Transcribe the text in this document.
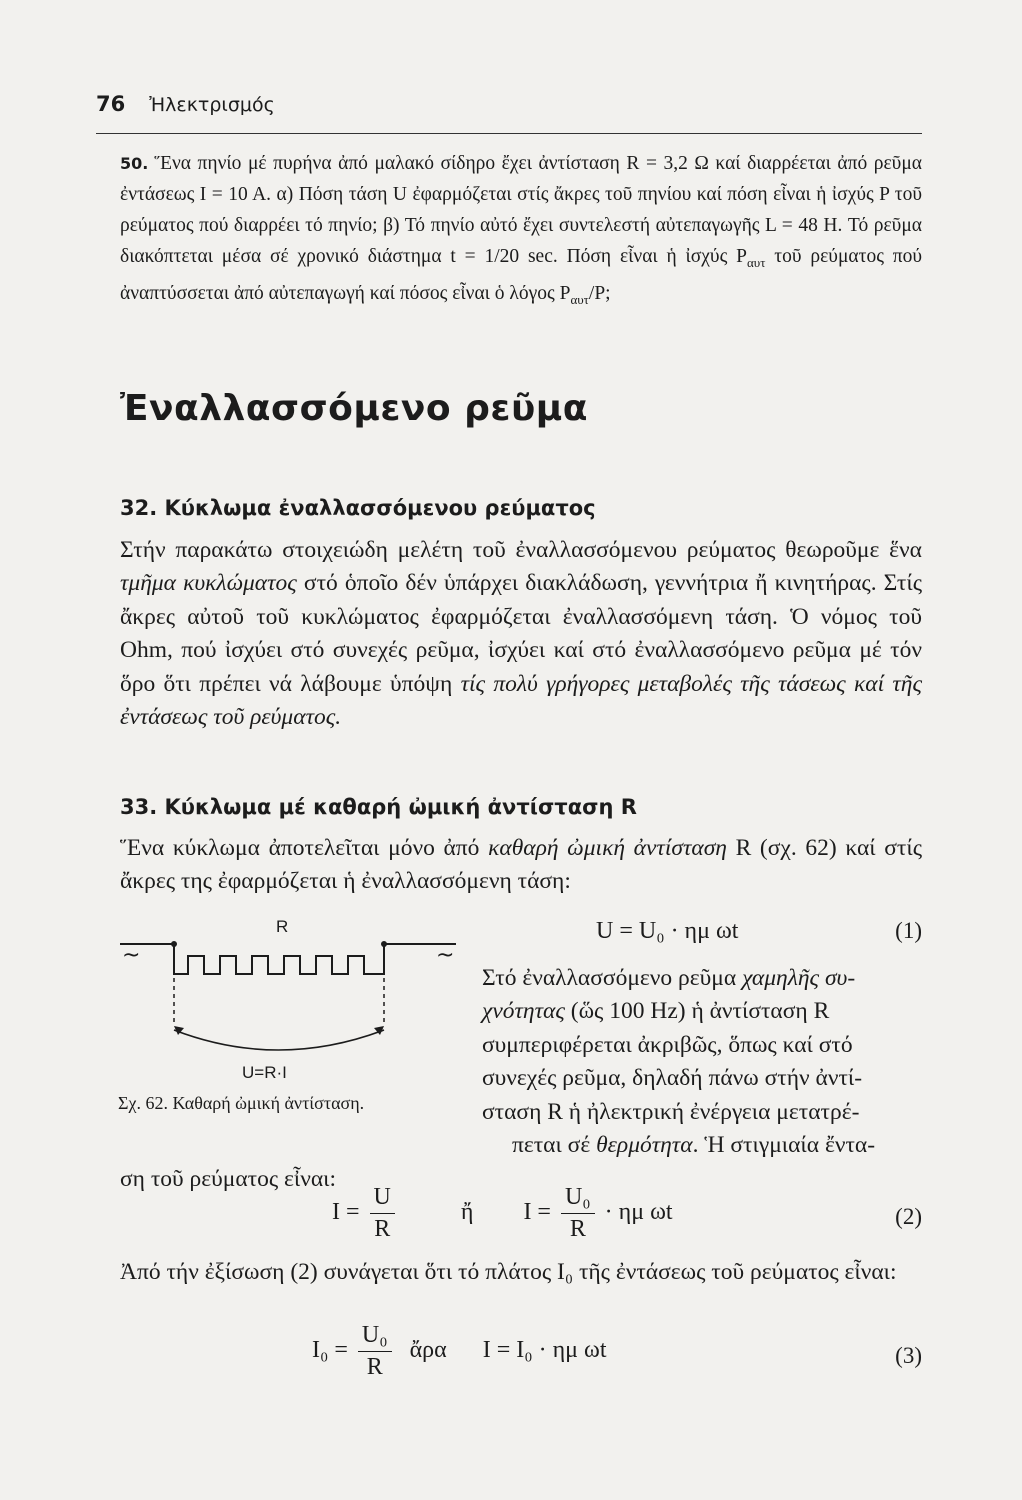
76 Ἠλεκτρισμός
50. Ἕνα πηνίο μέ πυρήνα ἀπό μαλακό σίδηρο ἔχει ἀντίσταση R = 3,2 Ω καί διαρρέεται ἀπό ρεῦμα ἐντάσεως I = 10 A. α) Πόση τάση U ἐφαρμόζεται στίς ἄκρες τοῦ πηνίου καί πόση εἶναι ἡ ἰσχύς P τοῦ ρεύματος πού διαρρέει τό πηνίο; β) Τό πηνίο αὐτό ἔχει συντελεστή αὐτεπαγωγῆς L = 48 H. Τό ρεῦμα διακόπτεται μέσα σέ χρονικό διάστημα t = 1/20 sec. Πόση εἶναι ἡ ἰσχύς $P_{\alpha\upsilon\tau}$ τοῦ ρεύματος πού ἀναπτύσσεται ἀπό αὐτεπαγωγή καί πόσος εἶναι ὁ λόγος $P_{\alpha\upsilon\tau}/P$;
Ἐναλλασσόμενο ρεῦμα
32. Κύκλωμα ἐναλλασσόμενου ρεύματος
Στήν παρακάτω στοιχειώδη μελέτη τοῦ ἐναλλασσόμενου ρεύματος θεωροῦμε ἕνα τμῆμα κυκλώματος στό ὁποῖο δέν ὑπάρχει διακλάδωση, γεννήτρια ἤ κινητήρας. Στίς ἄκρες αὐτοῦ τοῦ κυκλώματος ἐφαρμόζεται ἐναλλασσόμενη τάση. Ὁ νόμος τοῦ Ohm, πού ἰσχύει στό συνεχές ρεῦμα, ἰσχύει καί στό ἐναλλασσόμενο ρεῦμα μέ τόν ὅρο ὅτι πρέπει νά λάβουμε ὑπόψη τίς πολύ γρήγορες μεταβολές τῆς τάσεως καί τῆς ἐντάσεως τοῦ ρεύματος.
33. Κύκλωμα μέ καθαρή ὠμική ἀντίσταση R
Ἕνα κύκλωμα ἀποτελεῖται μόνο ἀπό καθαρή ὠμική ἀντίσταση R (σχ. 62) καί στίς ἄκρες της ἐφαρμόζεται ἡ ἐναλλασσόμενη τάση:
U = U₀ · ημ ωt	(1)
R
~	~
U=R·I
Σχ. 62. Καθαρή ὠμική ἀντίσταση.
Στό ἐναλλασσόμενο ρεῦμα χαμηλῆς συ-
χνότητας (ὥς 100 Hz) ἡ ἀντίσταση R
συμπεριφέρεται ἀκριβῶς, ὅπως καί στό
συνεχές ρεῦμα, δηλαδή πάνω στήν ἀντί-
σταση R ἡ ἠλεκτρική ἐνέργεια μετατρέ-
πεται σέ θερμότητα. Ἡ στιγμιαία ἔντα-
ση τοῦ ρεύματος εἶναι:
$I = \frac{U}{R}$	ἤ $I = \frac{\text{U₀}}{R} \cdot \eta\mu$ ωt	(2)
Ἀπό τήν ἐξίσωση (2) συνάγεται ὅτι τό πλάτος I₀ τῆς ἐντάσεως τοῦ ρεύματος εἶναι:
$I_0 = \frac{\text{U₀}}{R}$ ἄρα I = I₀ · ημ ωt	(3)
